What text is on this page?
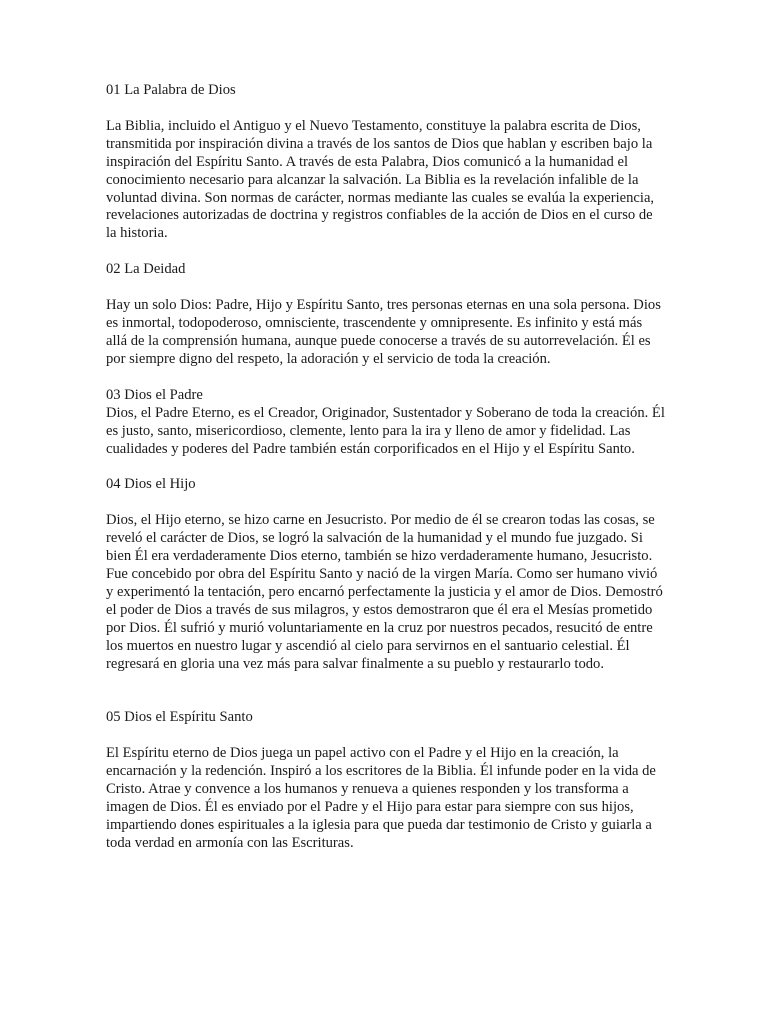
01 La Palabra de Dios

La Biblia, incluido el Antiguo y el Nuevo Testamento, constituye la palabra escrita de Dios, transmitida por inspiración divina a través de los santos de Dios que hablan y escriben bajo la inspiración del Espíritu Santo. A través de esta Palabra, Dios comunicó a la humanidad el conocimiento necesario para alcanzar la salvación. La Biblia es la revelación infalible de la voluntad divina. Son normas de carácter, normas mediante las cuales se evalúa la experiencia, revelaciones autorizadas de doctrina y registros confiables de la acción de Dios en el curso de la historia.

02 La Deidad

Hay un solo Dios: Padre, Hijo y Espíritu Santo, tres personas eternas en una sola persona. Dios es inmortal, todopoderoso, omnisciente, trascendente y omnipresente. Es infinito y está más allá de la comprensión humana, aunque puede conocerse a través de su autorrevelación. Él es por siempre digno del respeto, la adoración y el servicio de toda la creación.

03 Dios el Padre

Dios, el Padre Eterno, es el Creador, Originador, Sustentador y Soberano de toda la creación. Él es justo, santo, misericordioso, clemente, lento para la ira y lleno de amor y fidelidad. Las cualidades y poderes del Padre también están corporificados en el Hijo y el Espíritu Santo.

04 Dios el Hijo

Dios, el Hijo eterno, se hizo carne en Jesucristo. Por medio de él se crearon todas las cosas, se reveló el carácter de Dios, se logró la salvación de la humanidad y el mundo fue juzgado. Si bien Él era verdaderamente Dios eterno, también se hizo verdaderamente humano, Jesucristo. Fue concebido por obra del Espíritu Santo y nació de la virgen María. Como ser humano vivió y experimentó la tentación, pero encarnó perfectamente la justicia y el amor de Dios. Demostró el poder de Dios a través de sus milagros, y estos demostraron que él era el Mesías prometido por Dios. Él sufrió y murió voluntariamente en la cruz por nuestros pecados, resucitó de entre los muertos en nuestro lugar y ascendió al cielo para servirnos en el santuario celestial. Él regresará en gloria una vez más para salvar finalmente a su pueblo y restaurarlo todo.

05 Dios el Espíritu Santo

El Espíritu eterno de Dios juega un papel activo con el Padre y el Hijo en la creación, la encarnación y la redención. Inspiró a los escritores de la Biblia. Él infunde poder en la vida de Cristo. Atrae y convence a los humanos y renueva a quienes responden y los transforma a imagen de Dios. Él es enviado por el Padre y el Hijo para estar para siempre con sus hijos, impartiendo dones espirituales a la iglesia para que pueda dar testimonio de Cristo y guiarla a toda verdad en armonía con las Escrituras.
